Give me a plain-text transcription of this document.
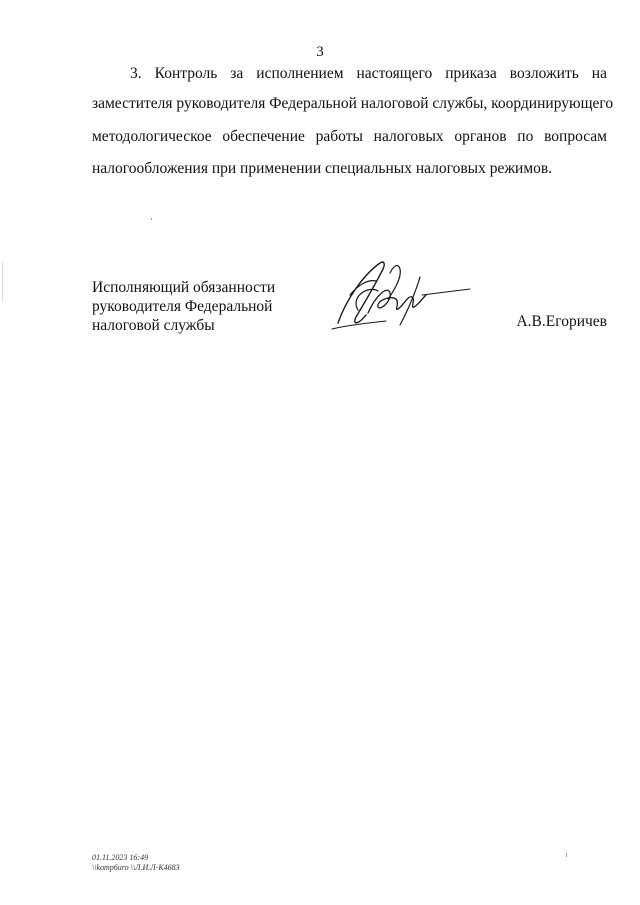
3
3. Контроль за исполнением настоящего приказа возложить на
заместителя руководителя Федеральной налоговой службы, координирующего
методологическое обеспечение работы налоговых органов по вопросам
налогообложения при применении специальных налоговых режимов.
Исполняющий обязанности
руководителя Федеральной
налоговой службы	А.В.Егоричев
01.11.2023 16:49
\\komp6uro \\Л.И.Л-К4683
